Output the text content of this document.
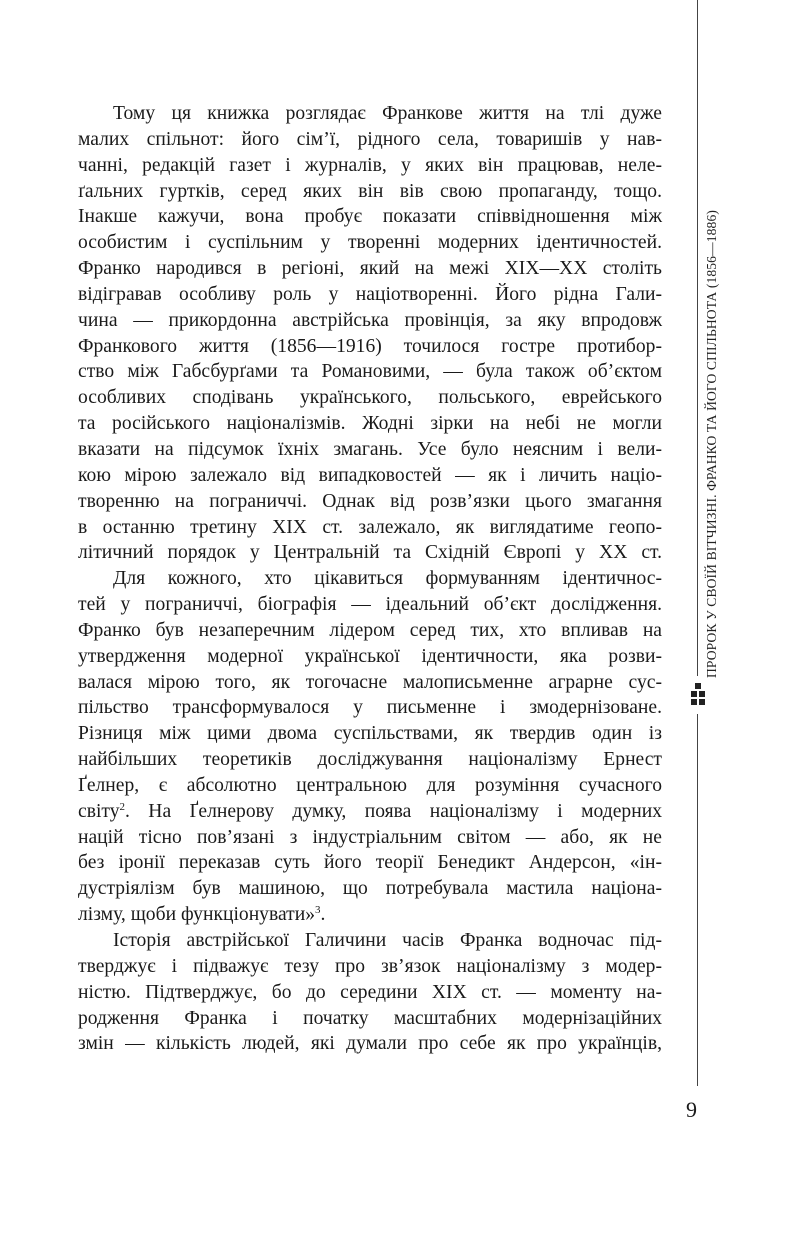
ПРОРОК У СВОЇЙ ВІТЧИЗНІ. ФРАНКО ТА ЙОГО СПІЛЬНОТА (1856—1886)
Тому ця книжка розглядає Франкове життя на тлі дуже
малих спільнот: його сім’ї, рідного села, товаришів у нав-
чанні, редакцій газет і журналів, у яких він працював, неле-
ґальних гуртків, серед яких він вів свою пропаганду, тощо.
Інакше кажучи, вона пробує показати співвідношення між
особистим і суспільним у творенні модерних ідентичностей.
Франко народився в регіоні, який на межі XIX—XX століть
відігравав особливу роль у націотворенні. Його рідна Гали-
чина — прикордонна австрійська провінція, за яку впродовж
Франкового життя (1856—1916) точилося гостре протибор-
ство між Габсбурґами та Романовими, — була також об’єктом
особливих сподівань українського, польського, еврейського
та російського націоналізмів. Жодні зірки на небі не могли
вказати на підсумок їхніх змагань. Усе було неясним і вели-
кою мірою залежало від випадковостей — як і личить націо-
творенню на пограниччі. Однак від розв’язки цього змагання
в останню третину XIX ст. залежало, як виглядатиме геопо-
літичний порядок у Центральній та Східній Європі у XX ст.
Для кожного, хто цікавиться формуванням ідентичнос-
тей у пограниччі, біографія — ідеальний об’єкт дослідження.
Франко був незаперечним лідером серед тих, хто впливав на
утвердження модерної української ідентичности, яка розви-
валася мірою того, як тогочасне малописьменне аграрне сус-
пільство трансформувалося у письменне і змодернізоване.
Різниця між цими двома суспільствами, як твердив один із
найбільших теоретиків досліджування націоналізму Ернест
Ґелнер, є абсолютно центральною для розуміння сучасного
світу$^2$. На Ґелнерову думку, поява націоналізму і модерних
націй тісно пов’язані з індустріальним світом — або, як не
без іронії переказав суть його теорії Бенедикт Андерсон, «ін-
дустріялізм був машиною, що потребувала мастила націона-
лізму, щоби функціонувати»$^3$.
Історія австрійської Галичини часів Франка водночас під-
тверджує і підважує тезу про зв’язок націоналізму з модер-
ністю. Підтверджує, бо до середини XIX ст. — моменту на-
родження Франка і початку масштабних модернізаційних
змін — кількість людей, які думали про себе як про українців,
9
